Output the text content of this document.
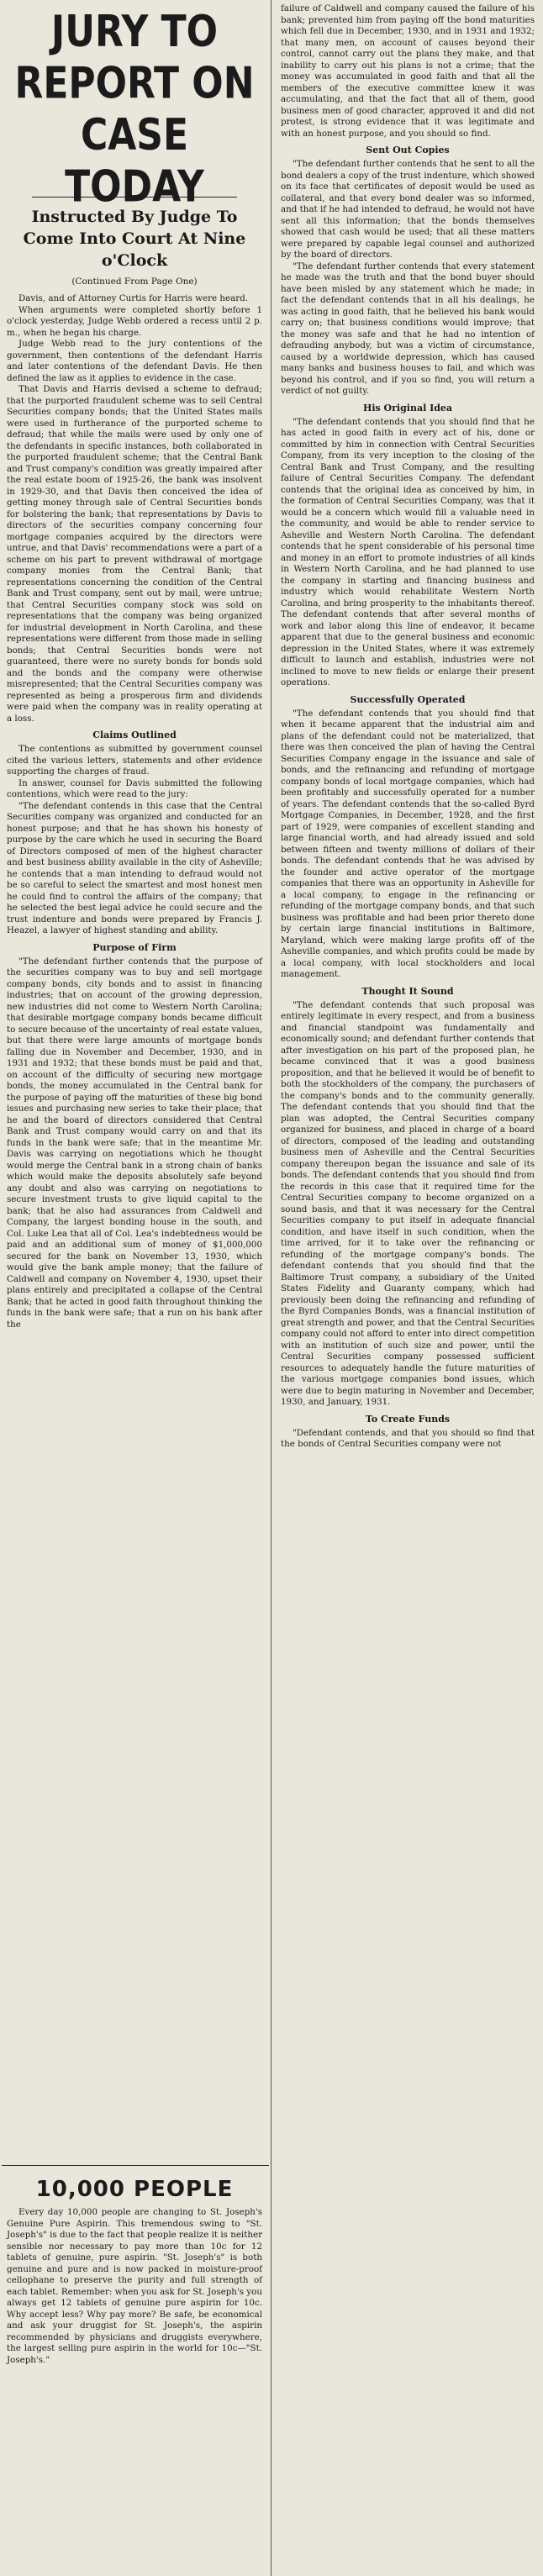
JURY TO REPORT ON CASE TODAY
Instructed By Judge To Come Into Court At Nine o'Clock
(Continued From Page One)

Davis, and of Attorney Curtis for Harris were heard.

When arguments were completed shortly before 1 o'clock yesterday, Judge Webb ordered a recess until 2 p. m., when he began his charge.

Judge Webb read to the jury contentions of the government, then contentions of the defendant Harris and later contentions of the defendant Davis. He then defined the law as it applies to evidence in the case.

That Davis and Harris devised a scheme to defraud; that the purported fraudulent scheme was to sell Central Securities company bonds; that the United States mails were used in furtherance of the purported scheme to defraud; that while the mails were used by only one of the defendants in specific instances, both collaborated in the purported fraudulent scheme; that the Central Bank and Trust company's condition was greatly impaired after the real estate boom of 1925-26, the bank was insolvent in 1929-30, and that Davis then conceived the idea of getting money through sale of Central Securities bonds for bolstering the bank; that representations by Davis to directors of the securities company concerning four mortgage companies acquired by the directors were untrue, and that Davis' recommendations were a part of a scheme on his part to prevent withdrawal of mortgage company monies from the Central Bank; that representations concerning the condition of the Central Bank and Trust company, sent out by mail, were untrue; that Central Securities company stock was sold on representations that the company was being organized for industrial development in North Carolina, and these representations were different from those made in selling bonds; that Central Securities bonds were not guaranteed, there were no surety bonds for bonds sold and the bonds and the company were otherwise misrepresented; that the Central Securities company was represented as being a prosperous firm and dividends were paid when the company was in reality operating at a loss.

Claims Outlined

The contentions as submitted by government counsel cited the various letters, statements and other evidence supporting the charges of fraud.

In answer, counsel for Davis submitted the following contentions, which were read to the jury:

"The defendant contends in this case that the Central Securities company was organized and conducted for an honest purpose; and that he has shown his honesty of purpose by the care which he used in securing the Board of Directors composed of men of the highest character and best business ability available in the city of Asheville; he contends that a man intending to defraud would not be so careful to select the smartest and most honest men he could find to control the affairs of the company; that he selected the best legal advice he could secure and the trust indenture and bonds were prepared by Francis J. Heazel, a lawyer of highest standing and ability.

Purpose of Firm

"The defendant further contends that the purpose of the securities company was to buy and sell mortgage company bonds, city bonds and to assist in financing industries; that on account of the growing depression, new industries did not come to Western North Carolina; that desirable mortgage company bonds became difficult to secure because of the uncertainty of real estate values, but that there were large amounts of mortgage bonds falling due in November and December, 1930, and in 1931 and 1932; that these bonds must be paid and that, on account of the difficulty of securing new mortgage bonds, the money accumulated in the Central bank for the purpose of paying off the maturities of these big bond issues and purchasing new series to take their place; that he and the board of directors considered that Central Bank and Trust company would carry on and that its funds in the bank were safe; that in the meantime Mr. Davis was carrying on negotiations which he thought would merge the Central bank in a strong chain of banks which would make the deposits absolutely safe beyond any doubt and also was carrying on negotiations to secure investment trusts to give liquid capital to the bank; that he also had assurances from Caldwell and Company, the largest bonding house in the south, and Col. Luke Lea that all of Col. Lea's indebtedness would be paid and an additional sum of money of $1,000,000 secured for the bank on November 13, 1930, which would give the bank ample money; that the failure of Caldwell and company on November 4, 1930, upset their plans entirely and precipitated a collapse of the Central Bank; that he acted in good faith throughout thinking the funds in the bank were safe; that a run on his bank after the

10,000 PEOPLE

Every day 10,000 people are changing to St. Joseph's Genuine Pure Aspirin. This tremendous swing to "St. Joseph's" is due to the fact that people realize it is neither sensible nor necessary to pay more than 10c for 12 tablets of genuine, pure aspirin. "St. Joseph's" is both genuine and pure and is now packed in moisture-proof cellophane to preserve the purity and full strength of each tablet. Remember: when you ask for St. Joseph's you always get 12 tablets of genuine pure aspirin for 10c. Why accept less? Why pay more? Be safe, be economical and ask your druggist for St. Joseph's, the aspirin recommended by physicians and druggists everywhere, the largest selling pure aspirin in the world for 10c—"St. Joseph's."

failure of Caldwell and company caused the failure of his bank; prevented him from paying off the bond maturities which fell due in December, 1930, and in 1931 and 1932; that many men, on account of causes beyond their control, cannot carry out the plans they make, and that inability to carry out his plans is not a crime; that the money was accumulated in good faith and that all the members of the executive committee knew it was accumulating, and that the fact that all of them, good business men of good character, approved it and did not protest, is strong evidence that it was legitimate and with an honest purpose, and you should so find.

Sent Out Copies

"The defendant further contends that he sent to all the bond dealers a copy of the trust indenture, which showed on its face that certificates of deposit would be used as collateral, and that every bond dealer was so informed, and that if he had intended to defraud, he would not have sent all this information; that the bonds themselves showed that cash would be used; that all these matters were prepared by capable legal counsel and authorized by the board of directors.

"The defendant further contends that every statement he made was the truth and that the bond buyer should have been misled by any statement which he made; in fact the defendant contends that in all his dealings, he was acting in good faith, that he believed his bank would carry on; that business conditions would improve; that the money was safe and that he had no intention of defrauding anybody, but was a victim of circumstance, caused by a worldwide depression, which has caused many banks and business houses to fail, and which was beyond his control, and if you so find, you will return a verdict of not guilty.

His Original Idea

"The defendant contends that you should find that he has acted in good faith in every act of his, done or committed by him in connection with Central Securities Company, from its very inception to the closing of the Central Bank and Trust Company, and the resulting failure of Central Securities Company. The defendant contends that the original idea as conceived by him, in the formation of Central Securities Company, was that it would be a concern which would fill a valuable need in the community, and would be able to render service to Asheville and Western North Carolina. The defendant contends that he spent considerable of his personal time and money in an effort to promote industries of all kinds in Western North Carolina, and he had planned to use the company in starting and financing business and industry which would rehabilitate Western North Carolina, and bring prosperity to the inhabitants thereof. The defendant contends that after several months of work and labor along this line of endeavor, it became apparent that due to the general business and economic depression in the United States, where it was extremely difficult to launch and establish, industries were not inclined to move to new fields or enlarge their present operations.

Successfully Operated

"The defendant contends that you should find that when it became apparent that the industrial aim and plans of the defendant could not be materialized, that there was then conceived the plan of having the Central Securities Company engage in the issuance and sale of bonds, and the refinancing and refunding of mortgage company bonds of local mortgage companies, which had been profitably and successfully operated for a number of years. The defendant contends that the so-called Byrd Mortgage Companies, in December, 1928, and the first part of 1929, were companies of excellent standing and large financial worth, and had already issued and sold between fifteen and twenty millions of dollars of their bonds. The defendant contends that he was advised by the founder and active operator of the mortgage companies that there was an opportunity in Asheville for a local company, to engage in the refinancing or refunding of the mortgage company bonds, and that such business was profitable and had been prior thereto done by certain large financial institutions in Baltimore, Maryland, which were making large profits off of the Asheville companies, and which profits could be made by a local company, with local stockholders and local management.

Thought It Sound

"The defendant contends that such proposal was entirely legitimate in every respect, and from a business and financial standpoint was fundamentally and economically sound; and defendant further contends that after investigation on his part of the proposed plan, he became convinced that it was a good business proposition, and that he believed it would be of benefit to both the stockholders of the company, the purchasers of the company's bonds and to the community generally. The defendant contends that you should find that the plan was adopted, the Central Securities company organized for business, and placed in charge of a board of directors, composed of the leading and outstanding business men of Asheville and the Central Securities company thereupon began the issuance and sale of its bonds. The defendant contends that you should find from the records in this case that it required time for the Central Securities company to become organized on a sound basis, and that it was necessary for the Central Securities company to put itself in adequate financial condition, and have itself in such condition, when the time arrived, for it to take over the refinancing or refunding of the mortgage company's bonds. The defendant contends that you should find that the Baltimore Trust company, a subsidiary of the United States Fidelity and Guaranty company, which had previously been doing the refinancing and refunding of the Byrd Companies Bonds, was a financial institution of great strength and power, and that the Central Securities company could not afford to enter into direct competition with an institution of such size and power, until the Central Securities company possessed sufficient resources to adequately handle the future maturities of the various mortgage companies bond issues, which were due to begin maturing in November and December, 1930, and January, 1931.

To Create Funds

"Defendant contends, and that you should so find that the bonds of Central Securities company were not
